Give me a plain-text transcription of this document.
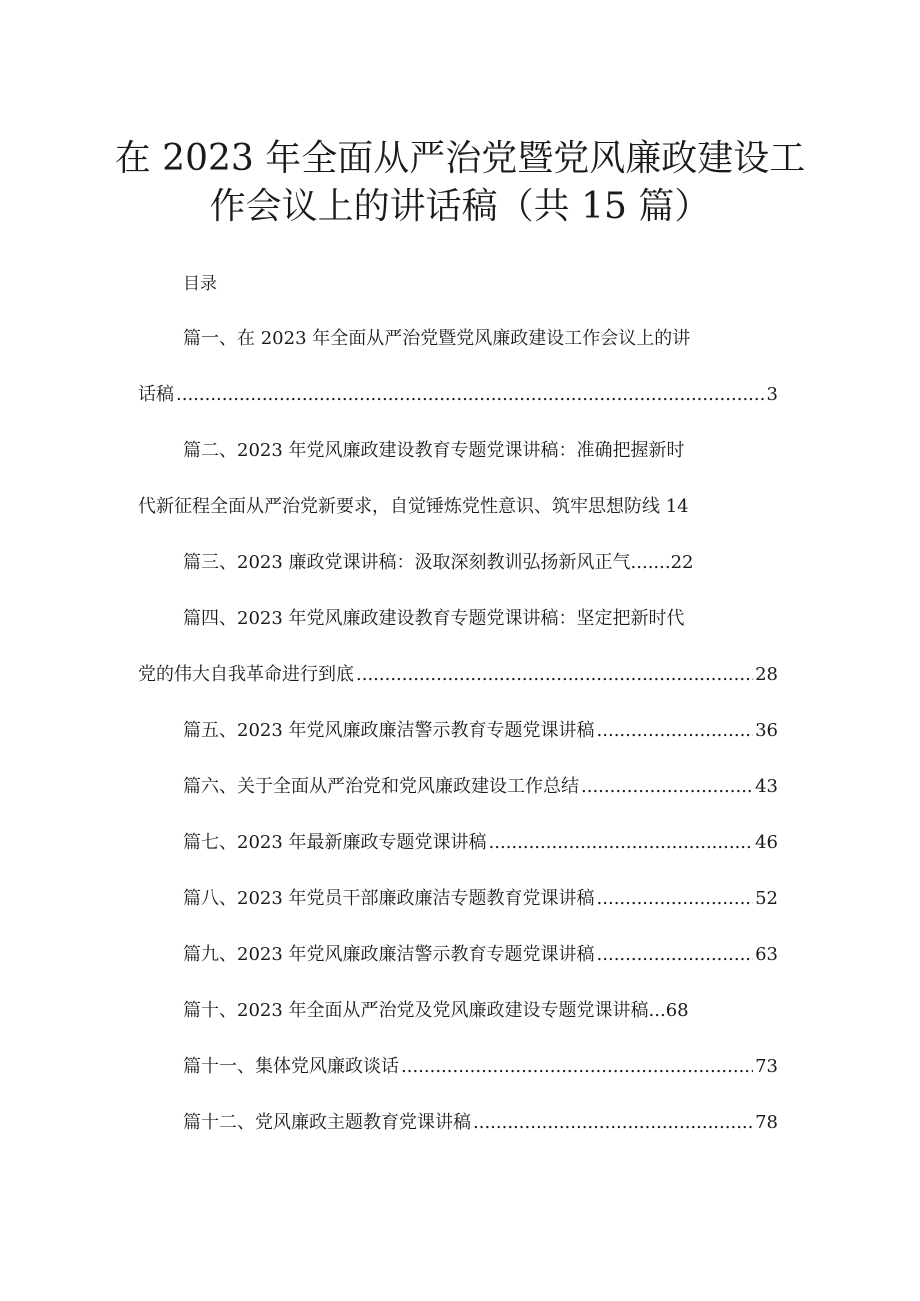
在 2023 年全面从严治党暨党风廉政建设工
作会议上的讲话稿（共 15 篇）
目录
篇一、在 2023 年全面从严治党暨党风廉政建设工作会议上的讲
话稿 .....	3
篇二、2023 年党风廉政建设教育专题党课讲稿：准确把握新时
代新征程全面从严治党新要求，自觉锤炼党性意识、筑牢思想防线 14
篇三、2023 廉政党课讲稿：汲取深刻教训弘扬新风正气.......22
篇四、2023 年党风廉政建设教育专题党课讲稿：坚定把新时代
党的伟大自我革命进行到底 .....	28
篇五、2023 年党风廉政廉洁警示教育专题党课讲稿 .....	36
篇六、关于全面从严治党和党风廉政建设工作总结 .....	43
篇七、2023 年最新廉政专题党课讲稿 .....	46
篇八、2023 年党员干部廉政廉洁专题教育党课讲稿 .....	52
篇九、2023 年党风廉政廉洁警示教育专题党课讲稿 .....	63
篇十、2023 年全面从严治党及党风廉政建设专题党课讲稿...68
篇十一、集体党风廉政谈话 .....	73
篇十二、党风廉政主题教育党课讲稿 .....	78
